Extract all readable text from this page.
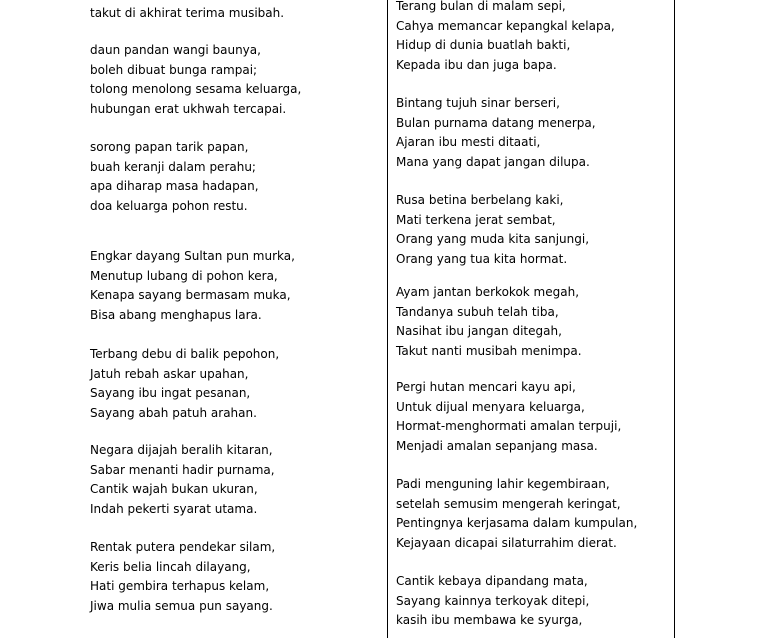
takut di akhirat terima musibah.
daun pandan wangi baunya,
boleh dibuat bunga rampai;
tolong menolong sesama keluarga,
hubungan erat ukhwah tercapai.
sorong papan tarik papan,
buah keranji dalam perahu;
apa diharap masa hadapan,
doa keluarga pohon restu.
Engkar dayang Sultan pun murka,
Menutup lubang di pohon kera,
Kenapa sayang bermasam muka,
Bisa abang menghapus lara.
Terbang debu di balik pepohon,
Jatuh rebah askar upahan,
Sayang ibu ingat pesanan,
Sayang abah patuh arahan.
Negara dijajah beralih kitaran,
Sabar menanti hadir purnama,
Cantik wajah bukan ukuran,
Indah pekerti syarat utama.
Rentak putera pendekar silam,
Keris belia lincah dilayang,
Hati gembira terhapus kelam,
Jiwa mulia semua pun sayang.
Terang bulan di malam sepi,
Cahya memancar kepangkal kelapa,
Hidup di dunia buatlah bakti,
Kepada ibu dan juga bapa.
Bintang tujuh sinar berseri,
Bulan purnama datang menerpa,
Ajaran ibu mesti ditaati,
Mana yang dapat jangan dilupa.
Rusa betina berbelang kaki,
Mati terkena jerat sembat,
Orang yang muda kita sanjungi,
Orang yang tua kita hormat.
Ayam jantan berkokok megah,
Tandanya subuh telah tiba,
Nasihat ibu jangan ditegah,
Takut nanti musibah menimpa.
Pergi hutan mencari kayu api,
Untuk dijual menyara keluarga,
Hormat-menghormati amalan terpuji,
Menjadi amalan sepanjang masa.
Padi menguning lahir kegembiraan,
setelah semusim mengerah keringat,
Pentingnya kerjasama dalam kumpulan,
Kejayaan dicapai silaturrahim dierat.
Cantik kebaya dipandang mata,
Sayang kainnya terkoyak ditepi,
kasih ibu membawa ke syurga,
